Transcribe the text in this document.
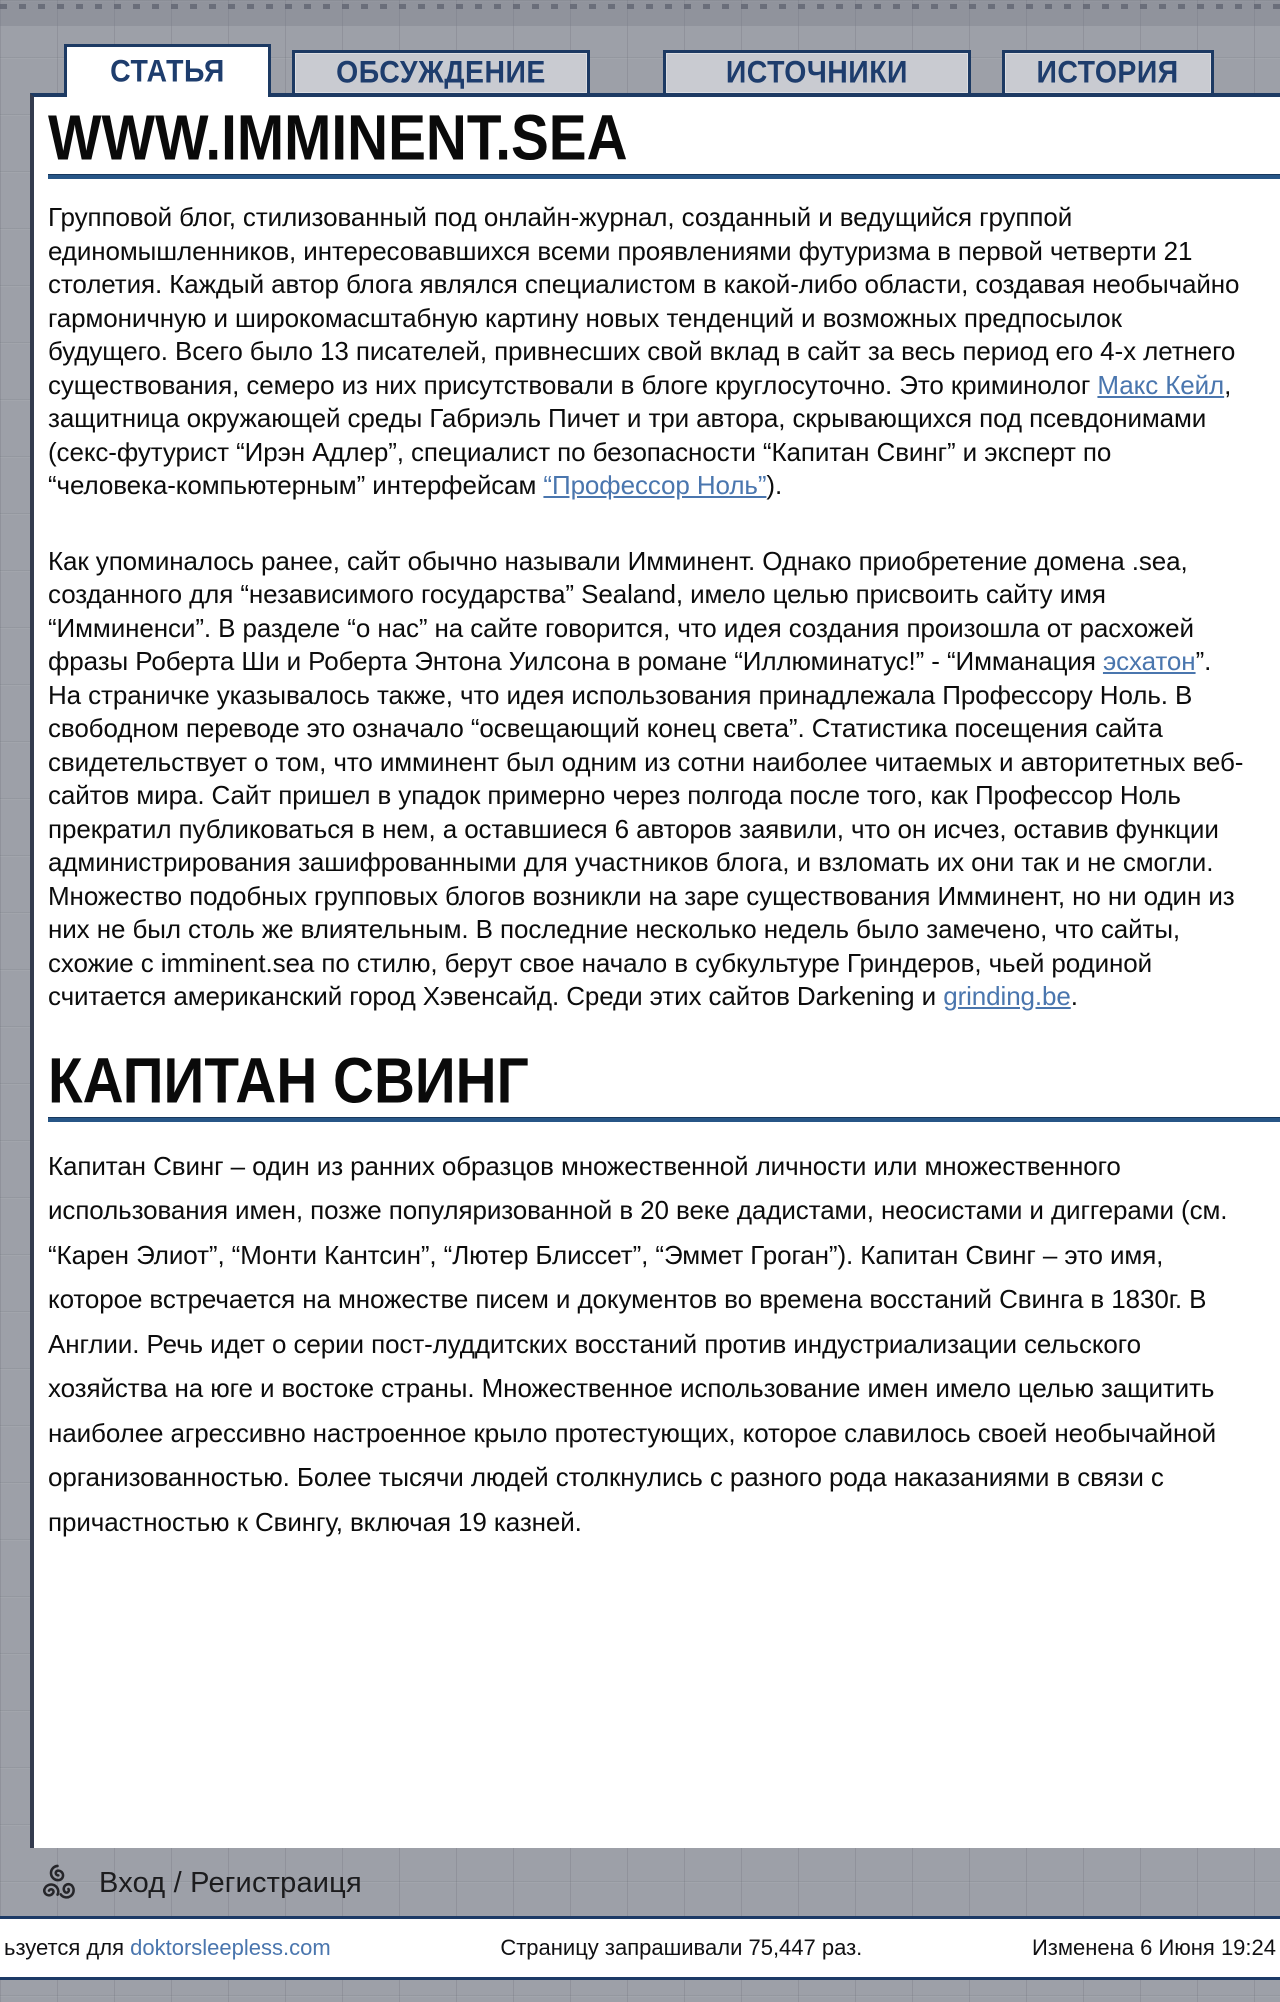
СТАТЬЯ	ОБСУЖДЕНИЕ	ИСТОЧНИКИ	ИСТОРИЯ
WWW.IMMINENT.SEA

Групповой блог, стилизованный под онлайн-журнал, созданный и ведущийся группой единомышленников, интересовавшихся всеми проявлениями футуризма в первой четверти 21 столетия. Каждый автор блога являлся специалистом в какой-либо области, создавая необычайно гармоничную и широкомасштабную картину новых тенденций и возможных предпосылок будущего. Всего было 13 писателей, привнесших свой вклад в сайт за весь период его 4-х летнего существования, семеро из них присутствовали в блоге круглосуточно. Это криминолог Макс Кейл, защитница окружающей среды Габриэль Пичет и три автора, скрывающихся под псевдонимами (секс-футурист “Ирэн Адлер”, специалист по безопасности “Капитан Свинг” и эксперт по “человека-компьютерным” интерфейсам “Профессор Ноль”).

Как упоминалось ранее, сайт обычно называли Имминент. Однако приобретение домена .sea, созданного для “независимого государства” Sealand, имело целью присвоить сайту имя “Имминенси”. В разделе “о нас” на сайте говорится, что идея создания произошла от расхожей фразы Роберта Ши и Роберта Энтона Уилсона в романе “Иллюминатус!” - “Имманация эсхатон”. На страничке указывалось также, что идея использования принадлежала Профессору Ноль. В свободном переводе это означало “освещающий конец света”. Статистика посещения сайта свидетельствует о том, что имминент был одним из сотни наиболее читаемых и авторитетных веб-сайтов мира. Сайт пришел в упадок примерно через полгода после того, как Профессор Ноль прекратил публиковаться в нем, а оставшиеся 6 авторов заявили, что он исчез, оставив функции администрирования зашифрованными для участников блога, и взломать их они так и не смогли. Множество подобных групповых блогов возникли на заре существования Имминент, но ни один из них не был столь же влиятельным. В последние несколько недель было замечено, что сайты, схожие с imminent.sea по стилю, берут свое начало в субкультуре Гриндеров, чьей родиной считается американский город Хэвенсайд. Среди этих сайтов Darkening и grinding.be.

КАПИТАН СВИНГ

Капитан Свинг – один из ранних образцов множественной личности или множественного использования имен, позже популяризованной в 20 веке дадистами, неосистами и диггерами (см. “Карен Элиот”, “Монти Кантсин”, “Лютер Блиссет”, “Эммет Гроган”). Капитан Свинг – это имя, которое встречается на множестве писем и документов во времена восстаний Свинга в 1830г. В Англии. Речь идет о серии пост-луддитских восстаний против индустриализации сельского хозяйства на юге и востоке страны. Множественное использование имен имело целью защитить наиболее агрессивно настроенное крыло протестующих, которое славилось своей необычайной организованностью. Более тысячи людей столкнулись с разного рода наказаниями в связи с причастностью к Свингу, включая 19 казней.

Вход / Регистраиця
ьзуется для doktorsleepless.com	Страницу запрашивали 75,447 раз.	Изменена 6 Июня 19:24
